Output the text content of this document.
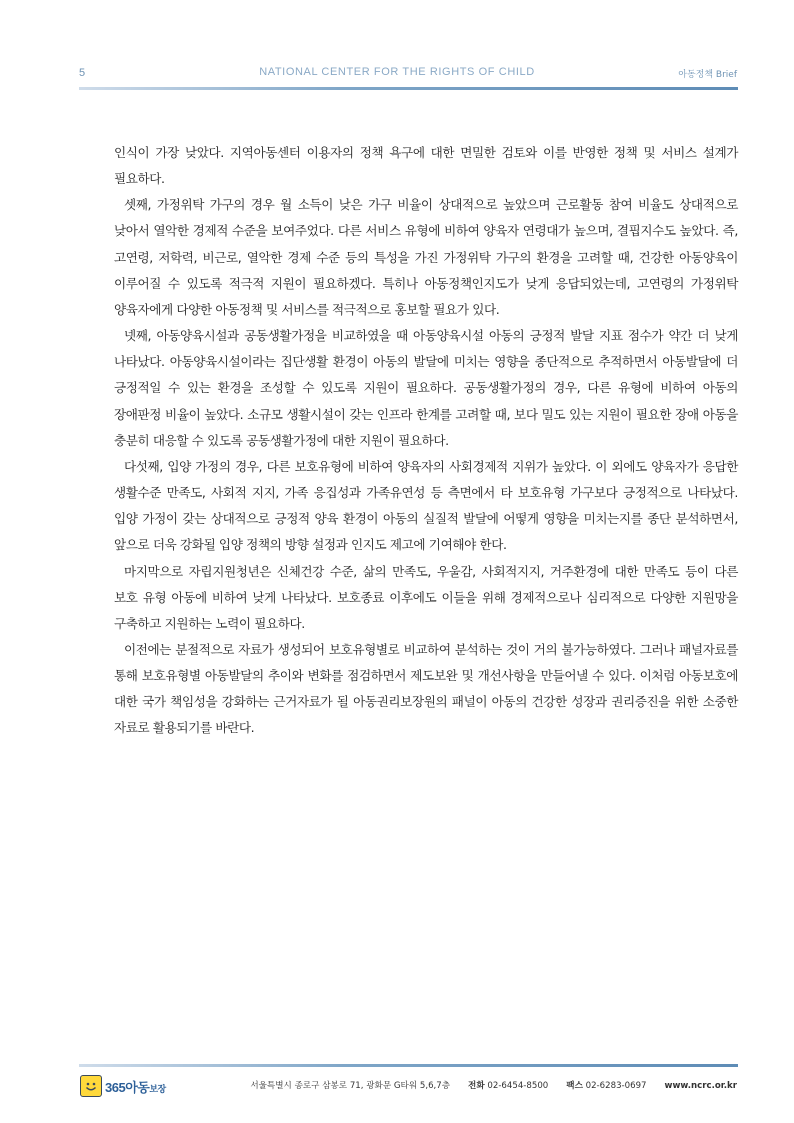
5	NATIONAL CENTER FOR THE RIGHTS OF CHILD	아동정책 Brief

인식이 가장 낮았다. 지역아동센터 이용자의 정책 욕구에 대한 면밀한 검토와 이를 반영한 정책 및 서비스 설계가 필요하다.

셋째, 가정위탁 가구의 경우 월 소득이 낮은 가구 비율이 상대적으로 높았으며 근로활동 참여 비율도 상대적으로 낮아서 열악한 경제적 수준을 보여주었다. 다른 서비스 유형에 비하여 양육자 연령대가 높으며, 결핍지수도 높았다. 즉, 고연령, 저학력, 비근로, 열악한 경제 수준 등의 특성을 가진 가정위탁 가구의 환경을 고려할 때, 건강한 아동양육이 이루어질 수 있도록 적극적 지원이 필요하겠다. 특히나 아동정책인지도가 낮게 응답되었는데, 고연령의 가정위탁 양육자에게 다양한 아동정책 및 서비스를 적극적으로 홍보할 필요가 있다.

넷째, 아동양육시설과 공동생활가정을 비교하였을 때 아동양육시설 아동의 긍정적 발달 지표 점수가 약간 더 낮게 나타났다. 아동양육시설이라는 집단생활 환경이 아동의 발달에 미치는 영향을 종단적으로 추적하면서 아동발달에 더 긍정적일 수 있는 환경을 조성할 수 있도록 지원이 필요하다. 공동생활가정의 경우, 다른 유형에 비하여 아동의 장애판정 비율이 높았다. 소규모 생활시설이 갖는 인프라 한계를 고려할 때, 보다 밀도 있는 지원이 필요한 장애 아동을 충분히 대응할 수 있도록 공동생활가정에 대한 지원이 필요하다.

다섯째, 입양 가정의 경우, 다른 보호유형에 비하여 양육자의 사회경제적 지위가 높았다. 이 외에도 양육자가 응답한 생활수준 만족도, 사회적 지지, 가족 응집성과 가족유연성 등 측면에서 타 보호유형 가구보다 긍정적으로 나타났다. 입양 가정이 갖는 상대적으로 긍정적 양육 환경이 아동의 실질적 발달에 어떻게 영향을 미치는지를 종단 분석하면서, 앞으로 더욱 강화될 입양 정책의 방향 설정과 인지도 제고에 기여해야 한다.

마지막으로 자립지원청년은 신체건강 수준, 삶의 만족도, 우울감, 사회적지지, 거주환경에 대한 만족도 등이 다른 보호 유형 아동에 비하여 낮게 나타났다. 보호종료 이후에도 이들을 위해 경제적으로나 심리적으로 다양한 지원망을 구축하고 지원하는 노력이 필요하다.

이전에는 분절적으로 자료가 생성되어 보호유형별로 비교하여 분석하는 것이 거의 불가능하였다. 그러나 패널자료를 통해 보호유형별 아동발달의 추이와 변화를 점검하면서 제도보완 및 개선사항을 만들어낼 수 있다. 이처럼 아동보호에 대한 국가 책임성을 강화하는 근거자료가 될 아동권리보장원의 패널이 아동의 건강한 성장과 권리증진을 위한 소중한 자료로 활용되기를 바란다.

365아동보장	서울특별시 종로구 삼봉로 71, 광화문 G타워 5,6,7층 전화 02-6454-8500 팩스 02-6283-0697 www.ncrc.or.kr
